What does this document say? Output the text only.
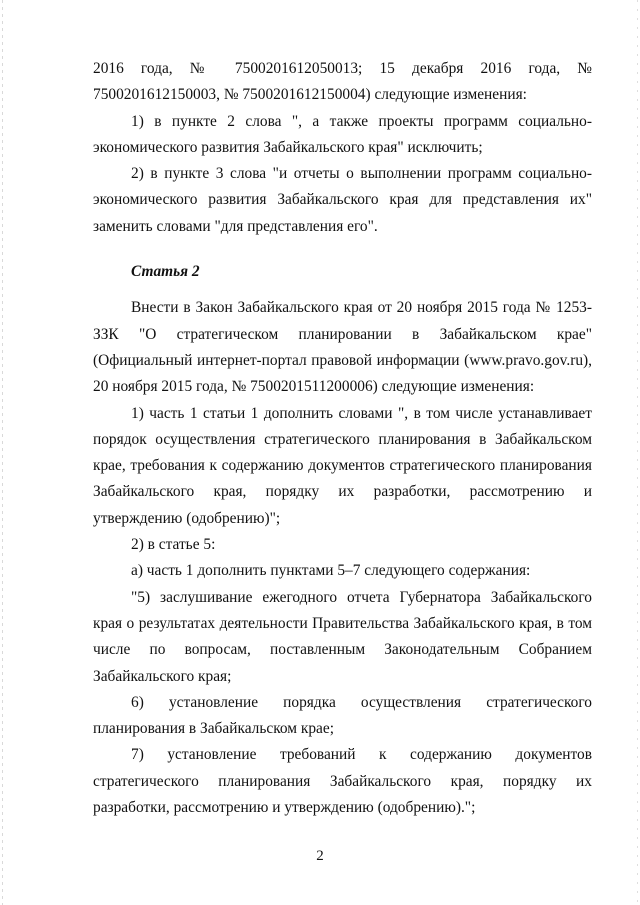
2016 года, № 7500201612050013; 15 декабря 2016 года, № 7500201612150003, № 7500201612150004) следующие изменения:

1) в пункте 2 слова ", а также проекты программ социально-экономического развития Забайкальского края" исключить;

2) в пункте 3 слова "и отчеты о выполнении программ социально-экономического развития Забайкальского края для представления их" заменить словами "для представления его".

Статья 2

Внести в Закон Забайкальского края от 20 ноября 2015 года № 1253-ЗЗК "О стратегическом планировании в Забайкальском крае" (Официальный интернет-портал правовой информации (www.pravo.gov.ru), 20 ноября 2015 года, № 7500201511200006) следующие изменения:

1) часть 1 статьи 1 дополнить словами ", в том числе устанавливает порядок осуществления стратегического планирования в Забайкальском крае, требования к содержанию документов стратегического планирования Забайкальского края, порядку их разработки, рассмотрению и утверждению (одобрению)";

2) в статье 5:

а) часть 1 дополнить пунктами 5–7 следующего содержания:

"5) заслушивание ежегодного отчета Губернатора Забайкальского края о результатах деятельности Правительства Забайкальского края, в том числе по вопросам, поставленным Законодательным Собранием Забайкальского края;

6) установление порядка осуществления стратегического планирования в Забайкальском крае;

7) установление требований к содержанию документов стратегического планирования Забайкальского края, порядку их разработки, рассмотрению и утверждению (одобрению).";

2
